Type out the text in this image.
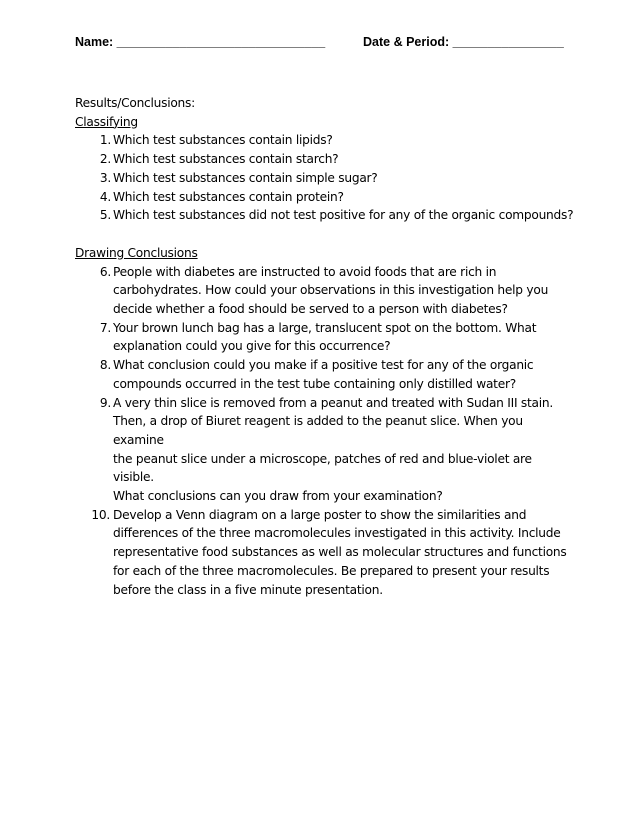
Name: ______________________________	Date & Period: ________________
Results/Conclusions:
Classifying
1. Which test substances contain lipids?
2. Which test substances contain starch?
3. Which test substances contain simple sugar?
4. Which test substances contain protein?
5. Which test substances did not test positive for any of the organic compounds?
Drawing Conclusions
6. People with diabetes are instructed to avoid foods that are rich in
carbohydrates. How could your observations in this investigation help you
decide whether a food should be served to a person with diabetes?
7. Your brown lunch bag has a large, translucent spot on the bottom. What
explanation could you give for this occurrence?
8. What conclusion could you make if a positive test for any of the organic
compounds occurred in the test tube containing only distilled water?
9. A very thin slice is removed from a peanut and treated with Sudan III stain.
Then, a drop of Biuret reagent is added to the peanut slice. When you examine
the peanut slice under a microscope, patches of red and blue-violet are visible.
What conclusions can you draw from your examination?
10. Develop a Venn diagram on a large poster to show the similarities and
differences of the three macromolecules investigated in this activity. Include
representative food substances as well as molecular structures and functions
for each of the three macromolecules. Be prepared to present your results
before the class in a five minute presentation.
